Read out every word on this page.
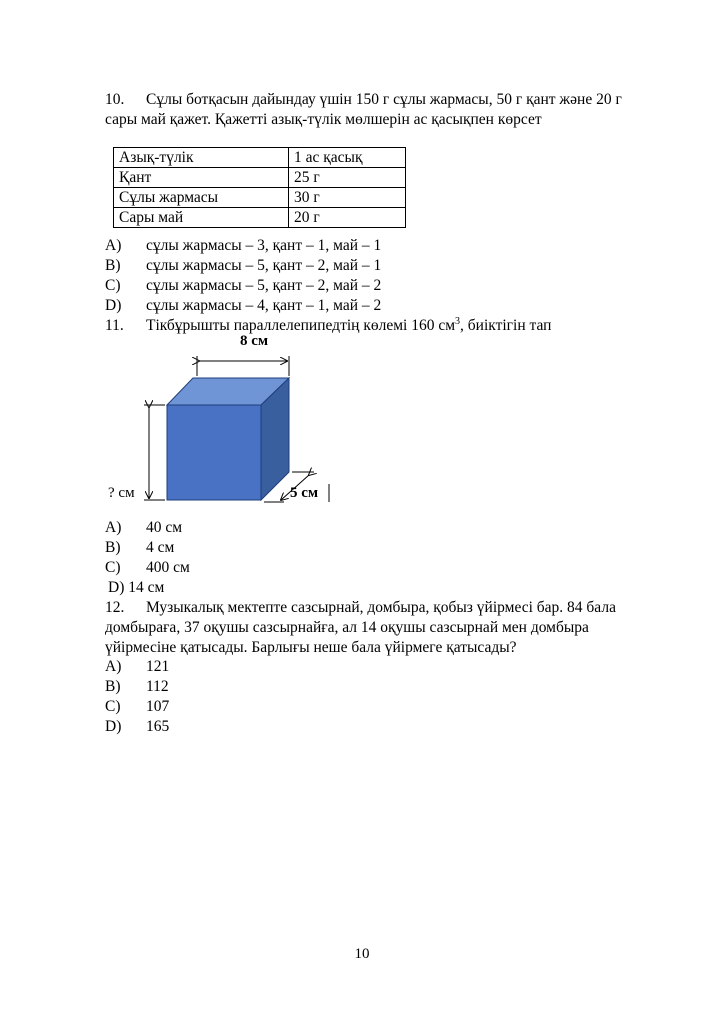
10.	Сұлы ботқасын дайындау үшін 150 г сұлы жармасы, 50 г қант және 20 г
сары май қажет. Қажетті азық-түлік мөлшерін ас қасықпен көрсет
Азық-түлік	1 ас қасық
Қант	25 г
Сұлы жармасы	30 г
Сары май	20 г
A) сұлы жармасы – 3, қант – 1, май – 1
B) сұлы жармасы – 5, қант – 2, май – 1
C) сұлы жармасы – 5, қант – 2, май – 2
D) сұлы жармасы – 4, қант – 1, май – 2
11.	Тікбұрышты параллелепипедтің көлемі 160 $см^3$, биіктігін тап
8 см
? см	5 см
A) 40 см
B) 4 см
C) 400 см
D) 14 см
12.	Музыкалық мектепте сазсырнай, домбыра, қобыз үйірмесі бар. 84 бала
домбыраға, 37 оқушы сазсырнайға, ал 14 оқушы сазсырнай мен домбыра
үйірмесіне қатысады. Барлығы неше бала үйірмеге қатысады?
A) 121
B) 112
C) 107
D) 165
10
